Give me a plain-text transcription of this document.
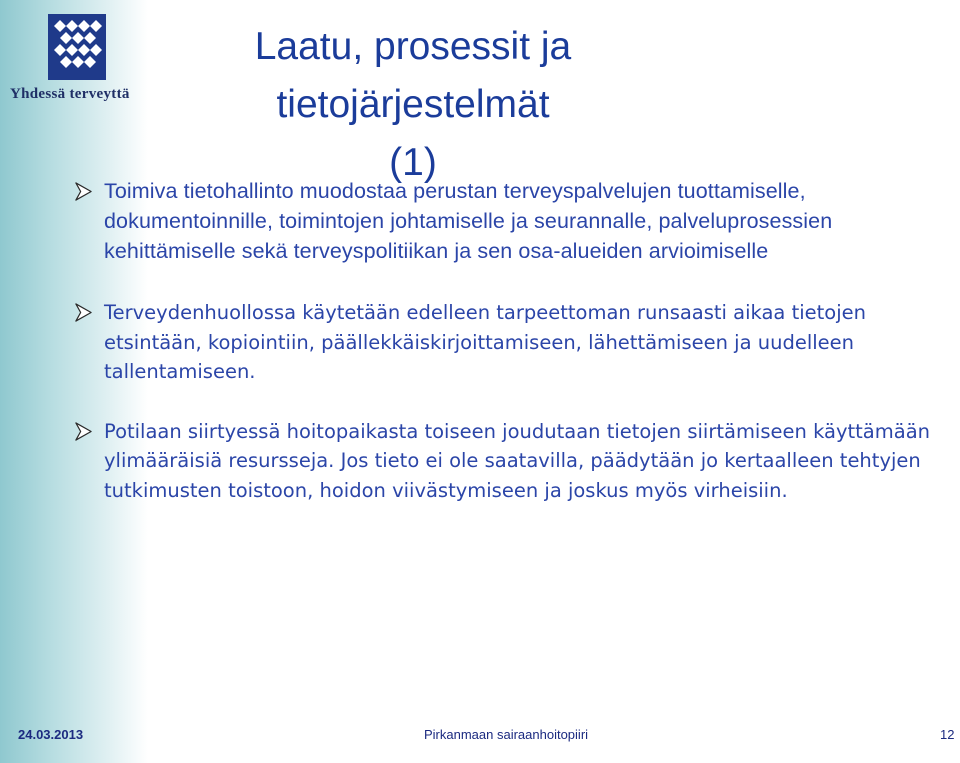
Yhdessä terveyttä
Laatu, prosessit ja tietojärjestelmät
(1)

Toimiva tietohallinto muodostaa perustan terveyspalvelujen tuottamiselle, dokumentoinnille, toimintojen johtamiselle ja seurannalle, palveluprosessien kehittämiselle sekä terveyspolitiikan ja sen osa-alueiden arvioimiselle

Terveydenhuollossa käytetään edelleen tarpeettoman runsaasti aikaa tietojen etsintään, kopiointiin, päällekkäiskirjoittamiseen, lähettämiseen ja uudelleen tallentamiseen.

Potilaan siirtyessä hoitopaikasta toiseen joudutaan tietojen siirtämiseen käyttämään ylimääräisiä resursseja. Jos tieto ei ole saatavilla, päädytään jo kertaalleen tehtyjen tutkimusten toistoon, hoidon viivästymiseen ja joskus myös virheisiin.

24.03.2013	Pirkanmaan sairaanhoitopiiri	12
